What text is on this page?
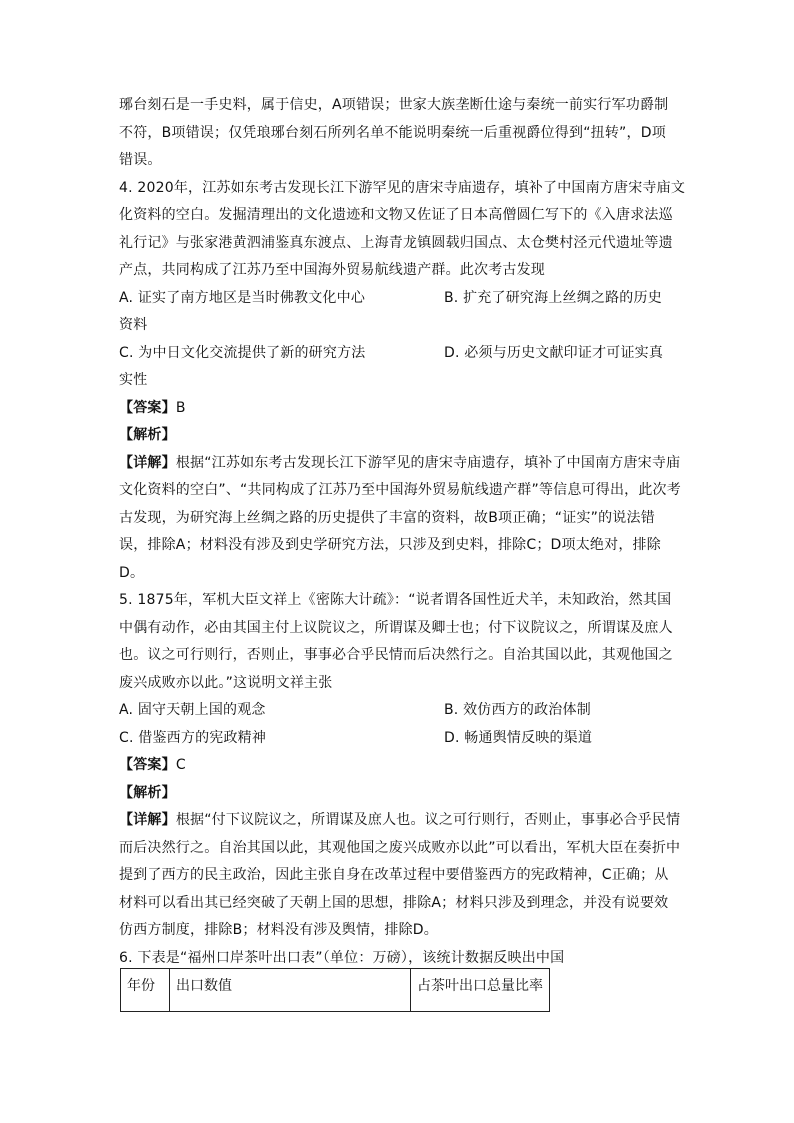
琊台刻石是一手史料，属于信史，A项错误；世家大族垄断仕途与秦统一前实行军功爵制
不符，B项错误；仅凭琅琊台刻石所列名单不能说明秦统一后重视爵位得到“扭转”，D项
错误。
4. 2020年，江苏如东考古发现长江下游罕见的唐宋寺庙遗存，填补了中国南方唐宋寺庙文
化资料的空白。发掘清理出的文化遗迹和文物又佐证了日本高僧圆仁写下的《入唐求法巡
礼行记》与张家港黄泗浦鉴真东渡点、上海青龙镇圆载归国点、太仓樊村泾元代遗址等遗
产点，共同构成了江苏乃至中国海外贸易航线遗产群。此次考古发现
A. 证实了南方地区是当时佛教文化中心	B. 扩充了研究海上丝绸之路的历史
资料
C. 为中日文化交流提供了新的研究方法	D. 必须与历史文献印证才可证实真
实性
【答案】B
【解析】
【详解】根据“江苏如东考古发现长江下游罕见的唐宋寺庙遗存，填补了中国南方唐宋寺庙
文化资料的空白”、“共同构成了江苏乃至中国海外贸易航线遗产群”等信息可得出，此次考
古发现，为研究海上丝绸之路的历史提供了丰富的资料，故B项正确；“证实”的说法错
误，排除A；材料没有涉及到史学研究方法，只涉及到史料，排除C；D项太绝对，排除
D。
5. 1875年，军机大臣文祥上《密陈大计疏》：“说者谓各国性近犬羊，未知政治，然其国
中偶有动作，必由其国主付上议院议之，所谓谋及卿士也；付下议院议之，所谓谋及庶人
也。议之可行则行，否则止，事事必合乎民情而后决然行之。自治其国以此，其观他国之
废兴成败亦以此。”这说明文祥主张
A. 固守天朝上国的观念	B. 效仿西方的政治体制
C. 借鉴西方的宪政精神	D. 畅通舆情反映的渠道
【答案】C
【解析】
【详解】根据“付下议院议之，所谓谋及庶人也。议之可行则行，否则止，事事必合乎民情
而后决然行之。自治其国以此，其观他国之废兴成败亦以此”可以看出，军机大臣在奏折中
提到了西方的民主政治，因此主张自身在改革过程中要借鉴西方的宪政精神，C正确；从
材料可以看出其已经突破了天朝上国的思想，排除A；材料只涉及到理念，并没有说要效
仿西方制度，排除B；材料没有涉及舆情，排除D。
6. 下表是“福州口岸茶叶出口表”（单位：万磅），该统计数据反映出中国
年份	出口数值	占茶叶出口总量比率
